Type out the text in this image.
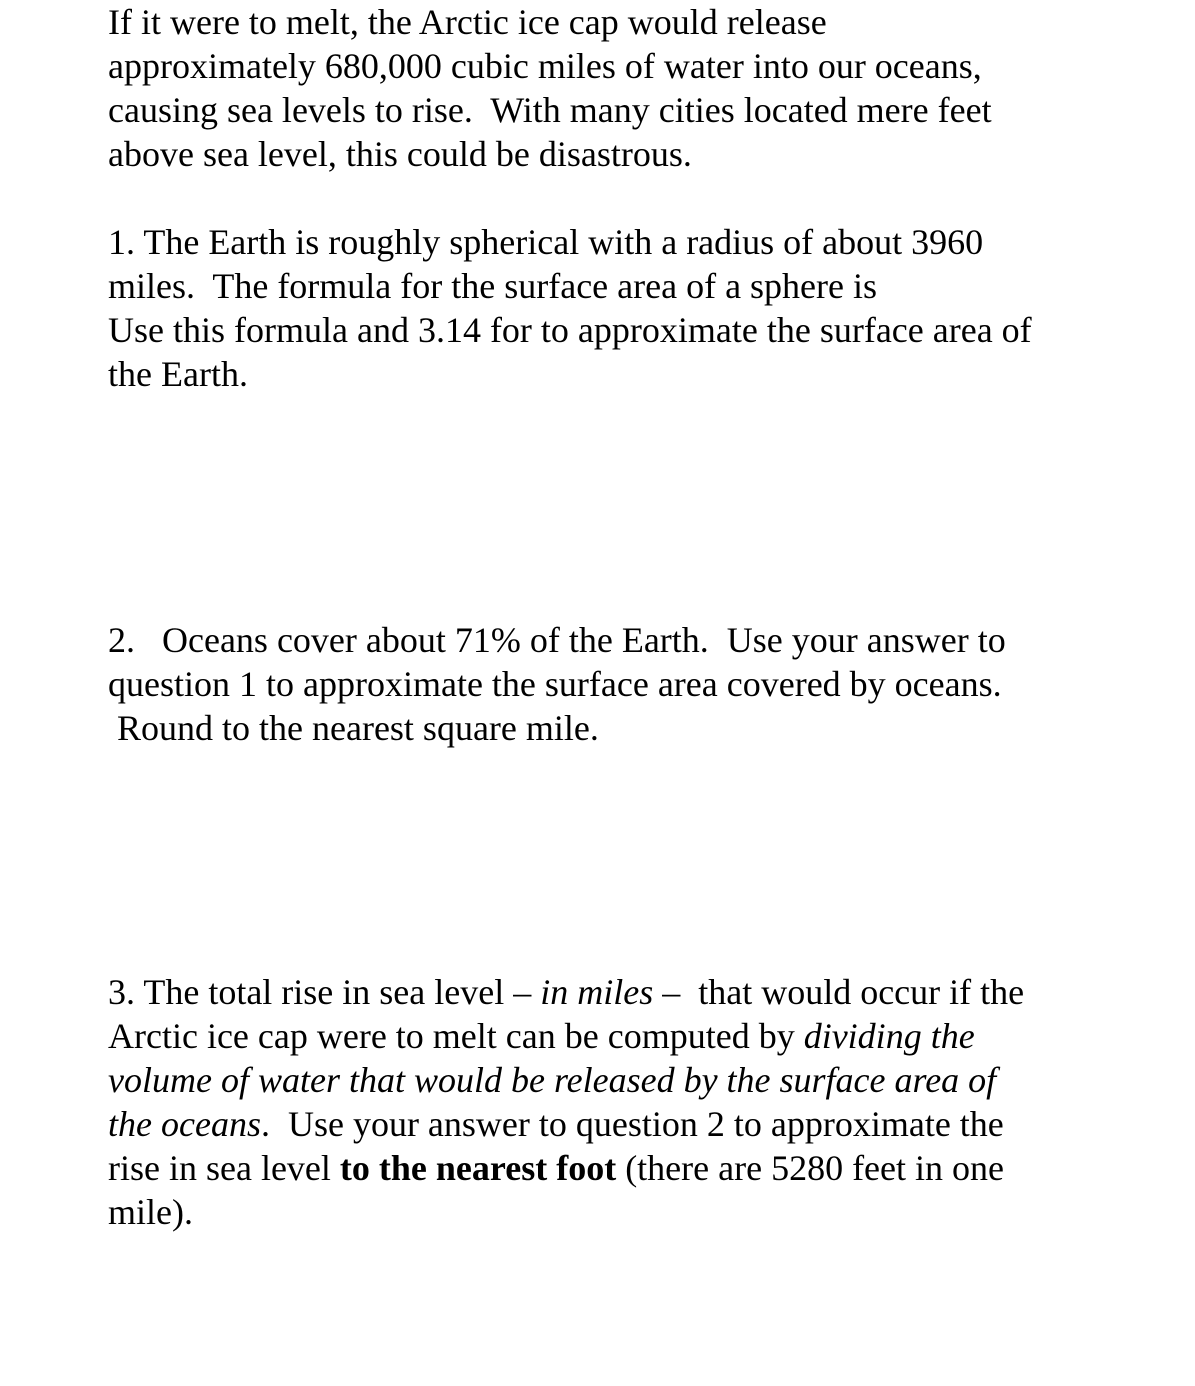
If it were to melt, the Arctic ice cap would release
approximately 680,000 cubic miles of water into our oceans,
causing sea levels to rise.  With many cities located mere feet
above sea level, this could be disastrous.

1. The Earth is roughly spherical with a radius of about 3960
miles.  The formula for the surface area of a sphere is
Use this formula and 3.14 for to approximate the surface area of
the Earth.

2.   Oceans cover about 71% of the Earth.  Use your answer to
question 1 to approximate the surface area covered by oceans.
Round to the nearest square mile.

3. The total rise in sea level – in miles –  that would occur if the
Arctic ice cap were to melt can be computed by dividing the
volume of water that would be released by the surface area of
the oceans.  Use your answer to question 2 to approximate the
rise in sea level to the nearest foot (there are 5280 feet in one
mile).
